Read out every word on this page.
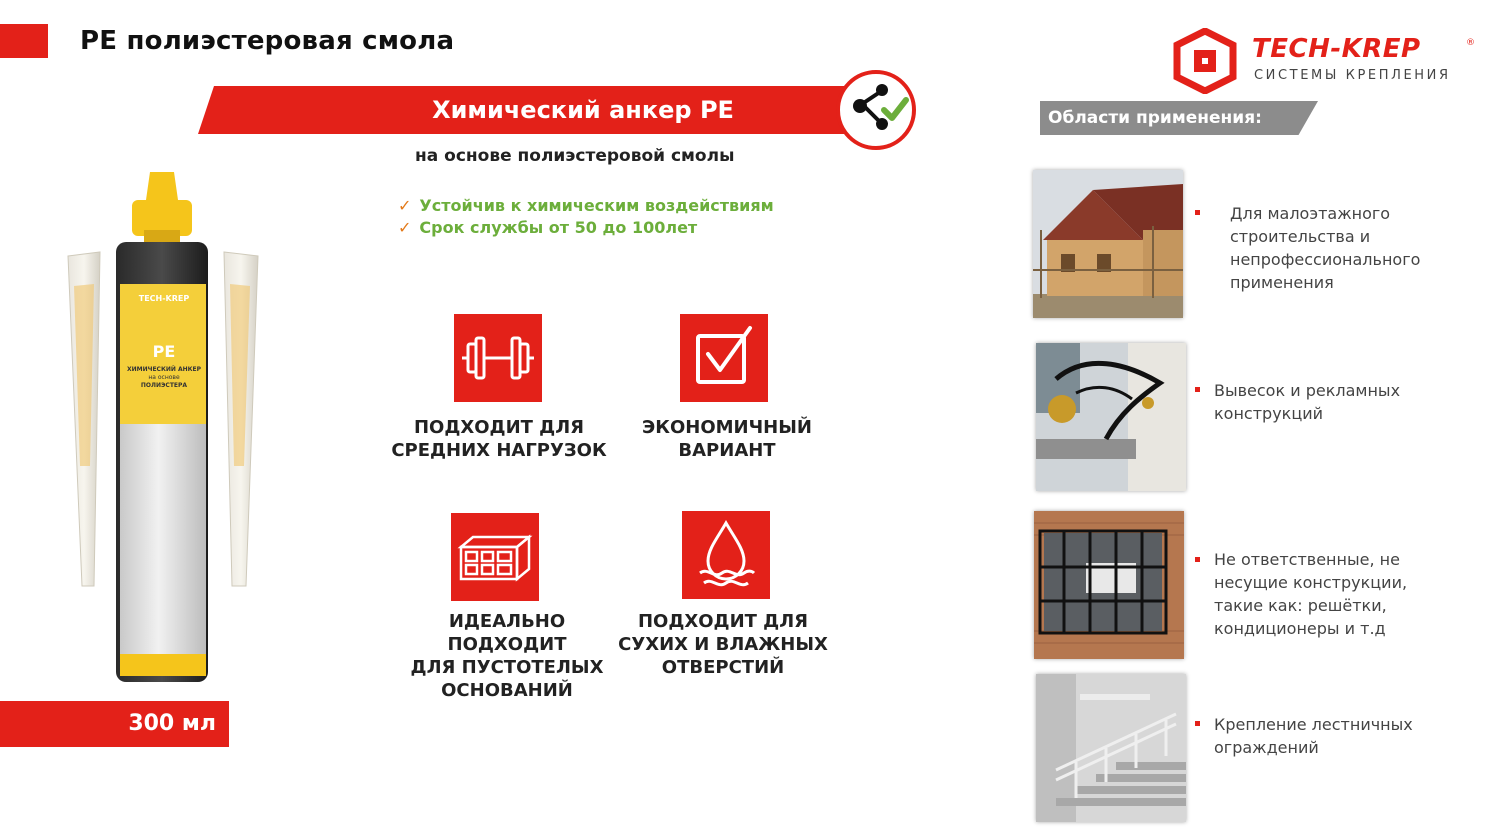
PE полиэстеровая смола	TECH-KREP	®
СИСТЕМЫ КРЕПЛЕНИЯ
Химический анкер РЕ
на основе полиэстеровой смолы
✓ Устойчив к химическим воздействиям
✓ Срок службы от 50 до 100лет
TECH-KREP
PE
ХИМИЧЕСКИЙ АНКЕР
на основе
ПОЛИЭСТЕРА
300 мл
ПОДХОДИТ ДЛЯ
СРЕДНИХ НАГРУЗОК
ЭКОНОМИЧНЫЙ
ВАРИАНТ
ИДЕАЛЬНО ПОДХОДИТ
ДЛЯ ПУСТОТЕЛЫХ
ОСНОВАНИЙ
ПОДХОДИТ ДЛЯ
СУХИХ И ВЛАЖНЫХ
ОТВЕРСТИЙ
Области применения:
Для малоэтажного
строительства и
непрофессионального
применения
Вывесок и рекламных
конструкций
Не ответственные, не
несущие конструкции,
такие как: решётки,
кондиционеры и т.д
Крепление лестничных
ограждений
